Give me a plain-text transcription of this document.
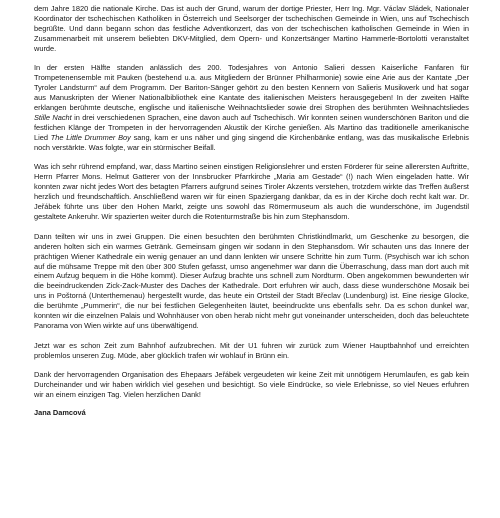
dem Jahre 1820 die nationale Kirche. Das ist auch der Grund, warum der dortige Priester, Herr Ing. Mgr. Václav Sládek, Nationaler Koordinator der tschechischen Katholiken in Österreich und Seelsorger der tschechischen Gemeinde in Wien, uns auf Tschechisch begrüßte. Und dann begann schon das festliche Adventkonzert, das von der tschechischen katholischen Gemeinde in Wien in Zusammenarbeit mit unserem beliebten DKV-Mitglied, dem Opern- und Konzertsänger Martino Hammerle-Bortolotti veranstaltet wurde.

In der ersten Hälfte standen anlässlich des 200. Todesjahres von Antonio Salieri dessen Kaiserliche Fanfaren für Trompetenensemble mit Pauken (bestehend u.a. aus Mitgliedern der Brünner Philharmonie) sowie eine Arie aus der Kantate „Der Tyroler Landsturm“ auf dem Programm. Der Bariton-Sänger gehört zu den besten Kennern von Salieris Musikwerk und hat sogar aus Manuskripten der Wiener Nationalbibliothek eine Kantate des italienischen Meisters herausgegeben! In der zweiten Hälfte erklangen berühmte deutsche, englische und italienische Weihnachtslieder sowie drei Strophen des berühmten Weihnachtsliedes Stille Nacht in drei verschiedenen Sprachen, eine davon auch auf Tschechisch. Wir konnten seinen wunderschönen Bariton und die festlichen Klänge der Trompeten in der hervorragenden Akustik der Kirche genießen. Als Martino das traditionelle amerikanische Lied The Little Drummer Boy sang, kam er uns näher und ging singend die Kirchenbänke entlang, was das musikalische Erlebnis noch verstärkte. Was folgte, war ein stürmischer Beifall.

Was ich sehr rührend empfand, war, dass Martino seinen einstigen Religionslehrer und ersten Förderer für seine allerersten Auftritte, Herrn Pfarrer Mons. Helmut Gatterer von der Innsbrucker Pfarrkirche „Maria am Gestade“ (!) nach Wien eingeladen hatte. Wir konnten zwar nicht jedes Wort des betagten Pfarrers aufgrund seines Tiroler Akzents verstehen, trotzdem wirkte das Treffen äußerst herzlich und freundschaftlich. Anschließend waren wir für einen Spaziergang dankbar, da es in der Kirche doch recht kalt war. Dr. Jeřábek führte uns über den Hohen Markt, zeigte uns sowohl das Römermuseum als auch die wunderschöne, im Jugendstil gestaltete Ankeruhr. Wir spazierten weiter durch die Rotenturmstraße bis hin zum Stephansdom.

Dann teilten wir uns in zwei Gruppen. Die einen besuchten den berühmten Christkindlmarkt, um Geschenke zu besorgen, die anderen holten sich ein warmes Getränk. Gemeinsam gingen wir sodann in den Stephansdom. Wir schauten uns das Innere der prächtigen Wiener Kathedrale ein wenig genauer an und dann lenkten wir unsere Schritte hin zum Turm. (Psychisch war ich schon auf die mühsame Treppe mit den über 300 Stufen gefasst, umso angenehmer war dann die Überraschung, dass man dort auch mit einem Aufzug bequem in die Höhe kommt). Dieser Aufzug brachte uns schnell zum Nordturm. Oben angekommen bewunderten wir die beeindruckenden Zick-Zack-Muster des Daches der Kathedrale. Dort erfuhren wir auch, dass diese wunderschöne Mosaik bei uns in Poštorná (Unterthemenau) hergestellt wurde, das heute ein Ortsteil der Stadt Břeclav (Lundenburg) ist. Eine riesige Glocke, die berühmte „Pummerin“, die nur bei festlichen Gelegenheiten läutet, beeindruckte uns ebenfalls sehr. Da es schon dunkel war, konnten wir die einzelnen Palais und Wohnhäuser von oben herab nicht mehr gut voneinander unterscheiden, doch das beleuchtete Panorama von Wien wirkte auf uns überwältigend.

Jetzt war es schon Zeit zum Bahnhof aufzubrechen. Mit der U1 fuhren wir zurück zum Wiener Hauptbahnhof und erreichten problemlos unseren Zug. Müde, aber glücklich trafen wir wohlauf in Brünn ein.

Dank der hervorragenden Organisation des Ehepaars Jeřábek vergeudeten wir keine Zeit mit unnötigem Herumlaufen, es gab kein Durcheinander und wir haben wirklich viel gesehen und besichtigt. So viele Eindrücke, so viele Erlebnisse, so viel Neues erfuhren wir an einem einzigen Tag. Vielen herzlichen Dank!

Jana Damcová
